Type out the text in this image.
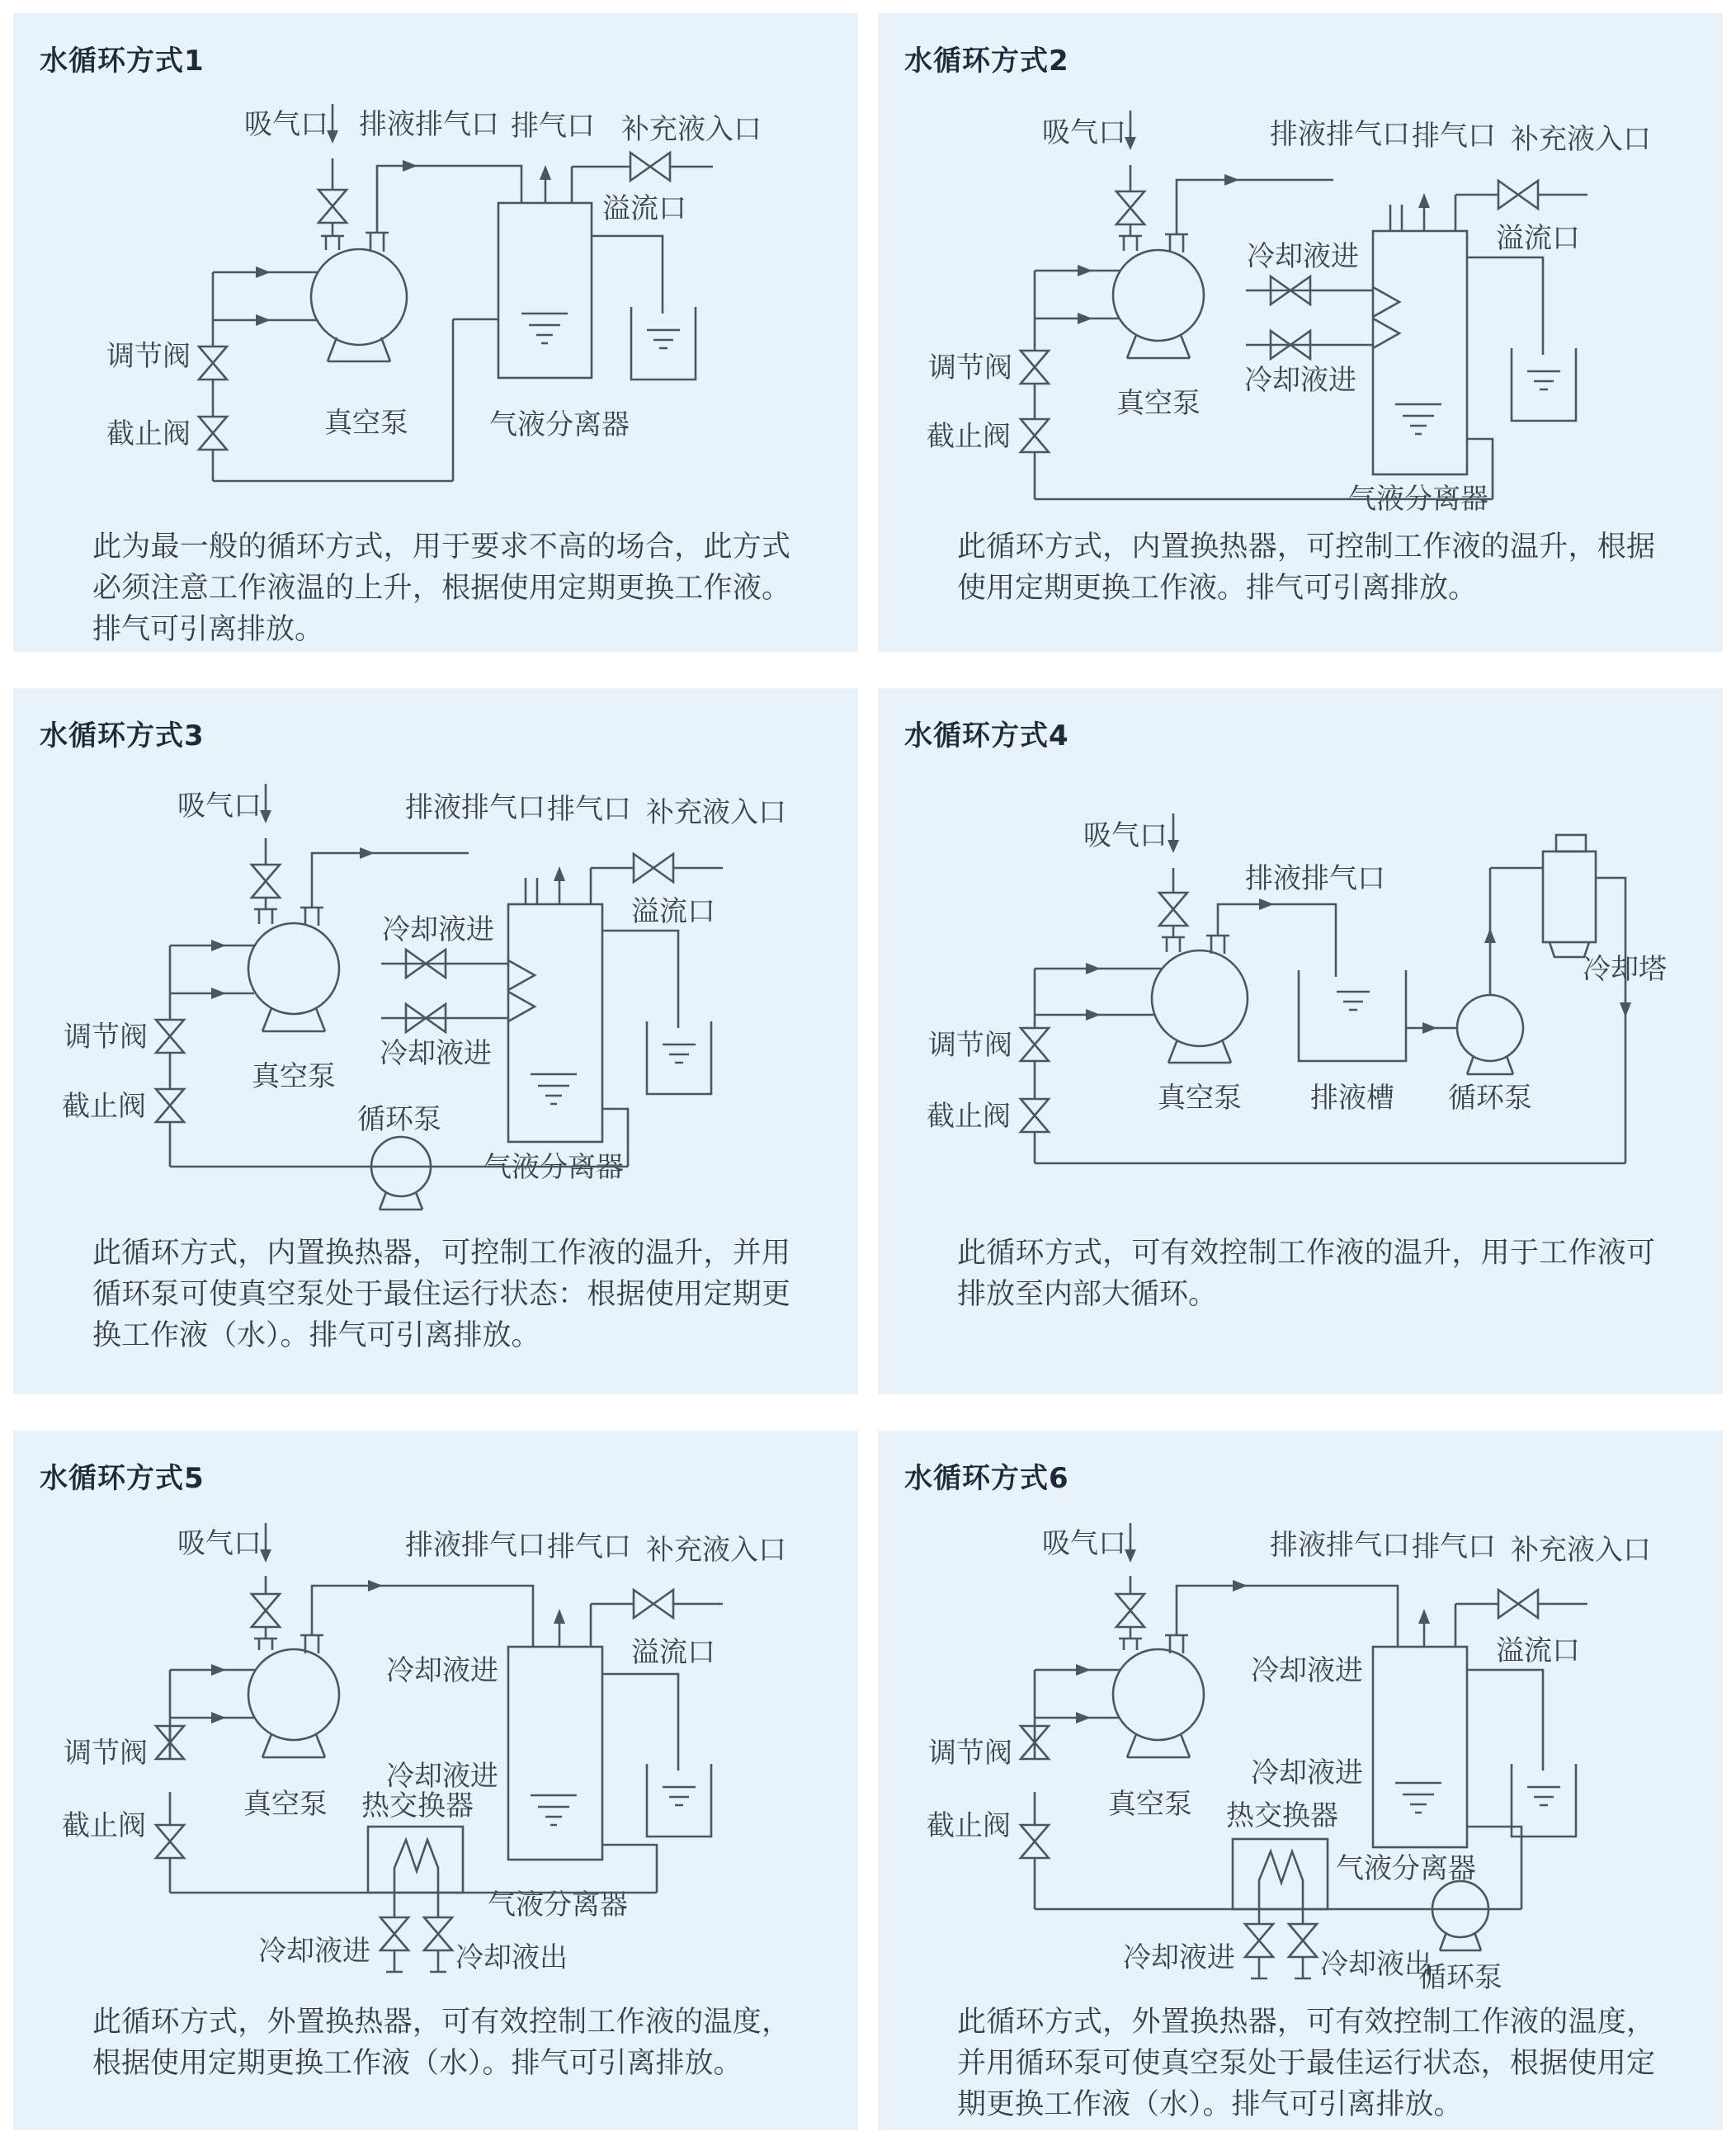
水循环方式1
吸气口 排液排气口 排气口 补充液入口
溢流口
调节阀
截止阀	真空泵	气液分离器
此为最一般的循环方式，用于要求不高的场合，此方式必须注意工作液温的上升，根据使用定期更换工作液。排气可引离排放。
水循环方式2
吸气口	排液排气口 排气口 补充液入口
冷却液进
冷却液进
溢流口
调节阀
截止阀
真空泵
气液分离器
此循环方式，内置换热器，可控制工作液的温升，根据使用定期更换工作液。排气可引离排放。
水循环方式3
吸气口	排液排气口 排气口 补充液入口
冷却液进
冷却液进
溢流口
调节阀
截止阀
真空泵
循环泵
气液分离器
此循环方式，内置换热器，可控制工作液的温升，并用循环泵可使真空泵处于最住运行状态：根据使用定期更换工作液（水）。排气可引离排放。
水循环方式4
吸气口
排液排气口
冷却塔
调节阀
截止阀
真空泵 排液槽 循环泵
此循环方式，可有效控制工作液的温升，用于工作液可排放至内部大循环。
水循环方式5
吸气口	排液排气口 排气口 补充液入口
冷却液进
冷却液进
溢流口
调节阀
截止阀
真空泵 热交换器
气液分离器
冷却液进	冷却液出
此循环方式，外置换热器，可有效控制工作液的温度，根据使用定期更换工作液（水）。排气可引离排放。
水循环方式6
吸气口	排液排气口 排气口 补充液入口
冷却液进
冷却液进
溢流口
调节阀
截止阀
真空泵 热交换器
气液分离器
冷却液进	冷却液出
循环泵
此循环方式，外置换热器，可有效控制工作液的温度，并用循环泵可使真空泵处于最佳运行状态，根据使用定期更换工作液（水）。排气可引离排放。
